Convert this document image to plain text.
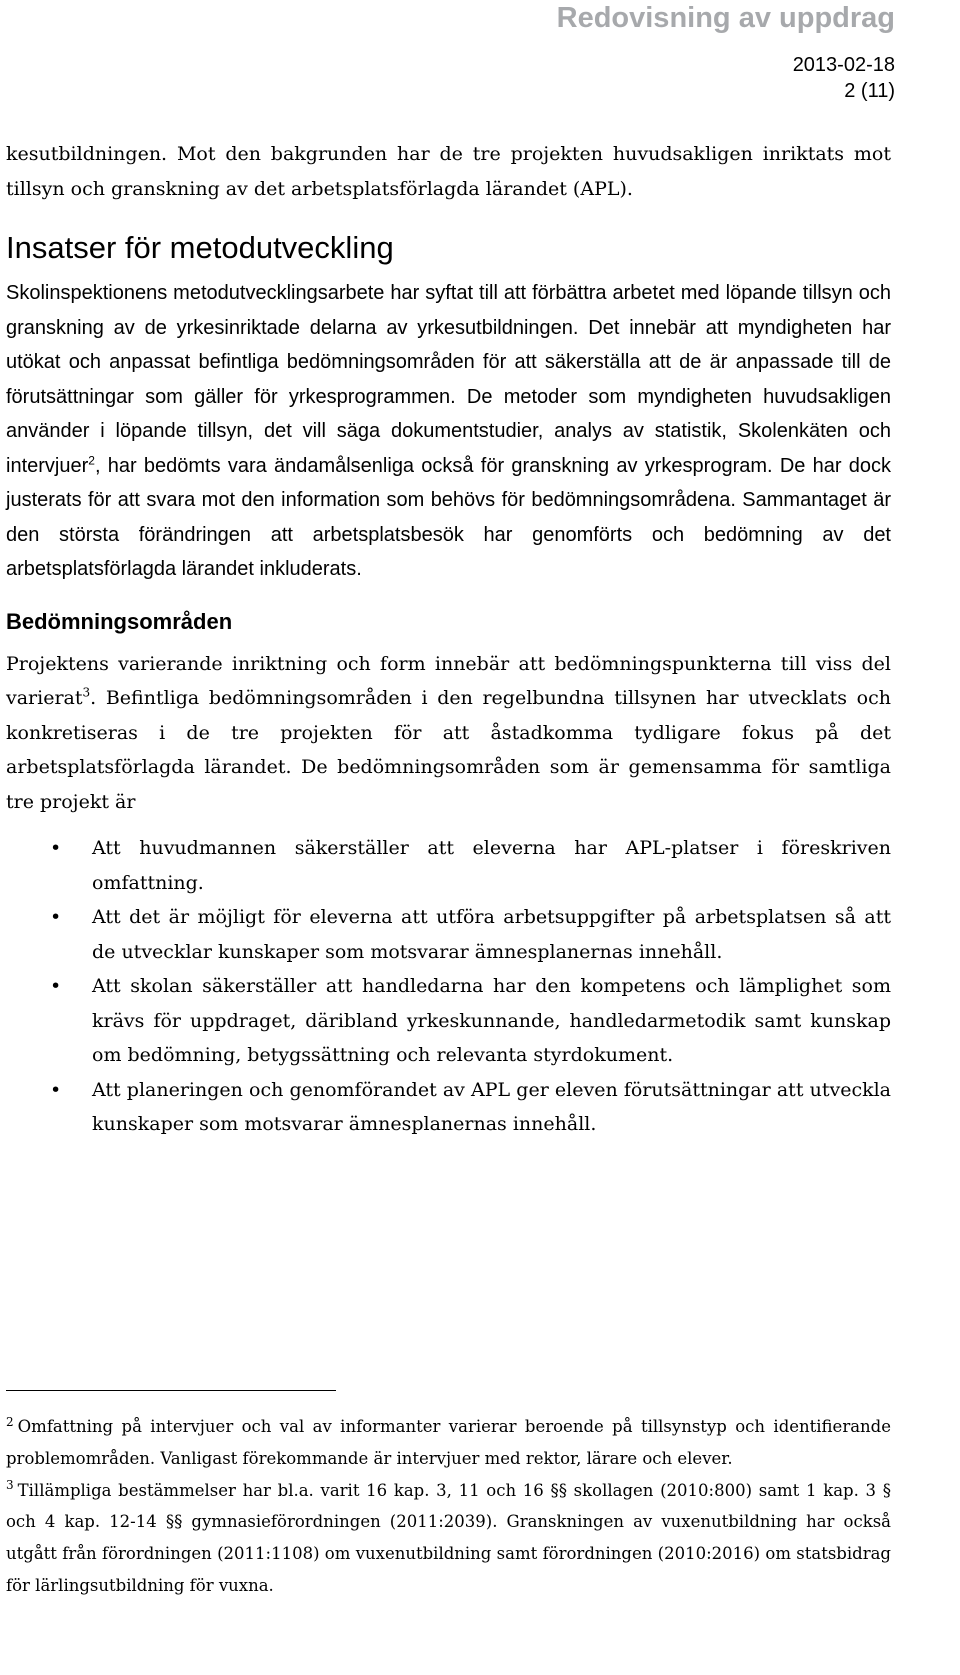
Redovisning av uppdrag
2013-02-18
2 (11)

kesutbildningen. Mot den bakgrunden har de tre projekten huvudsakligen inriktats mot tillsyn och granskning av det arbetsplatsförlagda lärandet (APL).

Insatser för metodutveckling

Skolinspektionens metodutvecklingsarbete har syftat till att förbättra arbetet med löpande tillsyn och granskning av de yrkesinriktade delarna av yrkesutbildningen. Det innebär att myndigheten har utökat och anpassat befintliga bedömningsområden för att säkerställa att de är anpassade till de förutsättningar som gäller för yrkesprogrammen. De metoder som myndigheten huvudsakligen använder i löpande tillsyn, det vill säga dokumentstudier, analys av statistik, Skolenkäten och intervjuer$^2$, har bedömts vara ändamålsenliga också för granskning av yrkesprogram. De har dock justerats för att svara mot den information som behövs för bedömningsområdena. Sammantaget är den största förändringen att arbetsplatsbesök har genomförts och bedömning av det arbetsplatsförlagda lärandet inkluderats.

Bedömningsområden

Projektens varierande inriktning och form innebär att bedömningspunkterna till viss del varierat$^3$. Befintliga bedömningsområden i den regelbundna tillsynen har utvecklats och konkretiseras i de tre projekten för att åstadkomma tydligare fokus på det arbetsplatsförlagda lärandet. De bedömningsområden som är gemensamma för samtliga tre projekt är

• Att huvudmannen säkerställer att eleverna har APL-platser i föreskriven omfattning.
• Att det är möjligt för eleverna att utföra arbetsuppgifter på arbetsplatsen så att de utvecklar kunskaper som motsvarar ämnesplanernas innehåll.
• Att skolan säkerställer att handledarna har den kompetens och lämplighet som krävs för uppdraget, däribland yrkeskunnande, handledarmetodik samt kunskap om bedömning, betygssättning och relevanta styrdokument.
• Att planeringen och genomförandet av APL ger eleven förutsättningar att utveckla kunskaper som motsvarar ämnesplanernas innehåll.

$^2$ Omfattning på intervjuer och val av informanter varierar beroende på tillsynstyp och identifierande problemområden. Vanligast förekommande är intervjuer med rektor, lärare och elever.

$^3$ Tillämpliga bestämmelser har bl.a. varit 16 kap. 3, 11 och 16 §§ skollagen (2010:800) samt 1 kap. 3 § och 4 kap. 12-14 §§ gymnasieförordningen (2011:2039). Granskningen av vuxenutbildning har också utgått från förordningen (2011:1108) om vuxenutbildning samt förordningen (2010:2016) om statsbidrag för lärlingsutbildning för vuxna.
